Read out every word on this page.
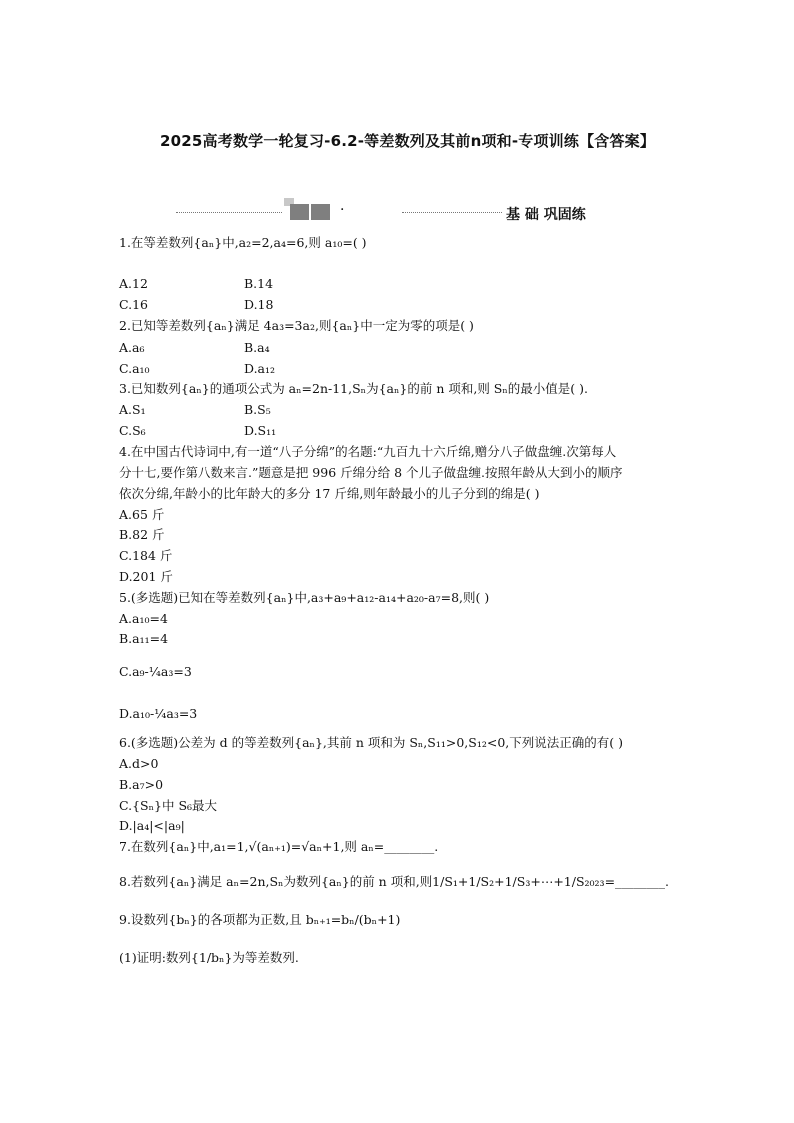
2025高考数学一轮复习-6.2-等差数列及其前n项和-专项训练【含答案】
·	基 础 巩固练
1.在等差数列{aₙ}中,a₂=2,a₄=6,则 a₁₀=( )
A.12	B.14
C.16	D.18
2.已知等差数列{aₙ}满足 4a₃=3a₂,则{aₙ}中一定为零的项是( )
A.a₆	B.a₄
C.a₁₀	D.a₁₂
3.已知数列{aₙ}的通项公式为 aₙ=2n-11,Sₙ为{aₙ}的前 n 项和,则 Sₙ的最小值是( ).
A.S₁	B.S₅
C.S₆	D.S₁₁
4.在中国古代诗词中,有一道“八子分绵”的名题:“九百九十六斤绵,赠分八子做盘缠.次第每人
分十七,要作第八数来言.”题意是把 996 斤绵分给 8 个儿子做盘缠.按照年龄从大到小的顺序
依次分绵,年龄小的比年龄大的多分 17 斤绵,则年龄最小的儿子分到的绵是( )
A.65 斤
B.82 斤
C.184 斤
D.201 斤
5.(多选题)已知在等差数列{aₙ}中,a₃+a₉+a₁₂-a₁₄+a₂₀-a₇=8,则( )
A.a₁₀=4
B.a₁₁=4
C.a₉-¼a₃=3
D.a₁₀-¼a₃=3
6.(多选题)公差为 d 的等差数列{aₙ},其前 n 项和为 Sₙ,S₁₁>0,S₁₂<0,下列说法正确的有( )
A.d>0
B.a₇>0
C.{Sₙ}中 S₆最大
D.|a₄|<|a₉|
7.在数列{aₙ}中,a₁=1,√(aₙ₊₁)=√aₙ+1,则 aₙ=________.
8.若数列{aₙ}满足 aₙ=2n,Sₙ为数列{aₙ}的前 n 项和,则1/S₁+1/S₂+1/S₃+⋯+1/S₂₀₂₃=________.
9.设数列{bₙ}的各项都为正数,且 bₙ₊₁=bₙ/(bₙ+1)
(1)证明:数列{1/bₙ}为等差数列.
